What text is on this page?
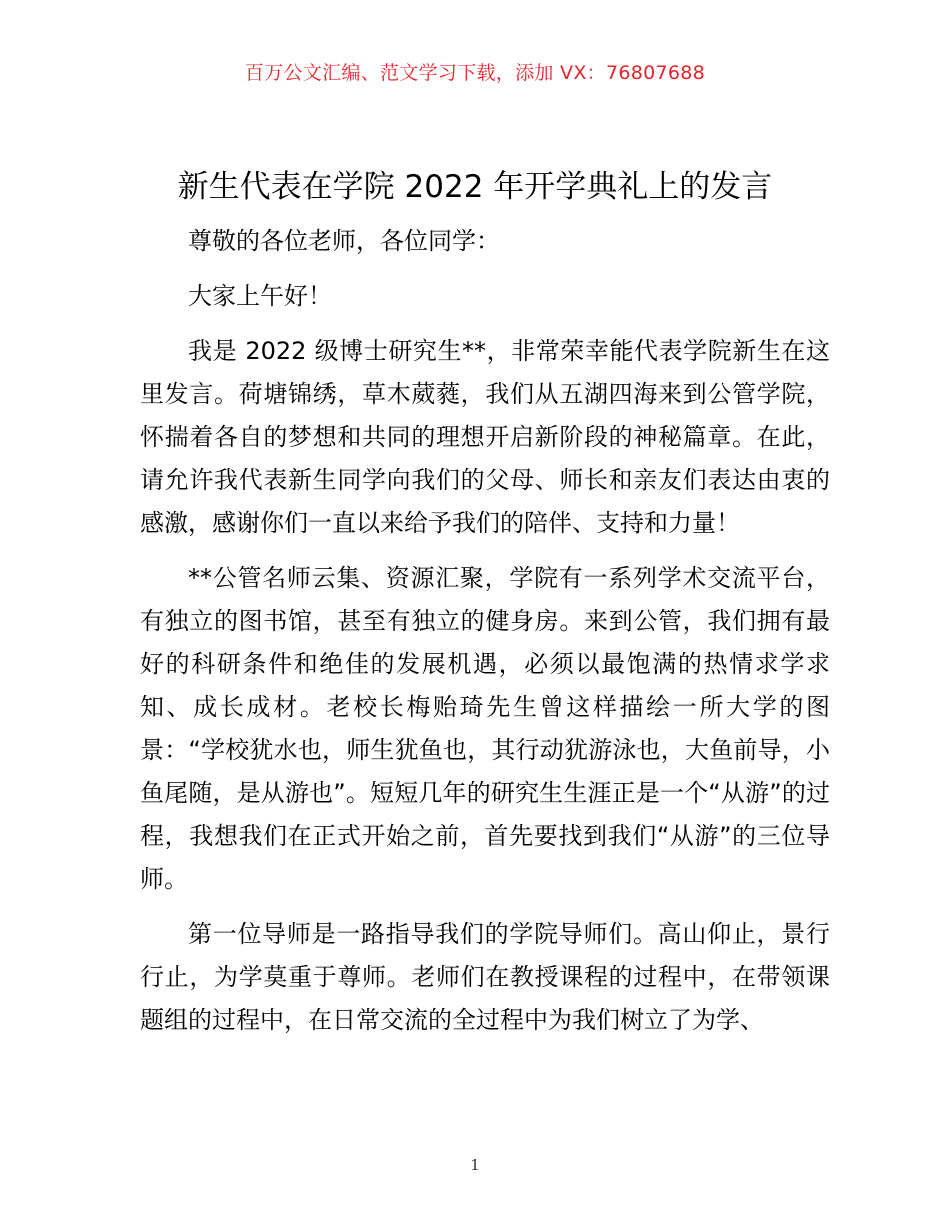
百万公文汇编、范文学习下载，添加 VX：76807688
新生代表在学院 2022 年开学典礼上的发言

尊敬的各位老师，各位同学：

大家上午好！

我是 2022 级博士研究生**，非常荣幸能代表学院新生在这里发言。荷塘锦绣，草木葳蕤，我们从五湖四海来到公管学院，怀揣着各自的梦想和共同的理想开启新阶段的神秘篇章。在此，请允许我代表新生同学向我们的父母、师长和亲友们表达由衷的感激，感谢你们一直以来给予我们的陪伴、支持和力量！

**公管名师云集、资源汇聚，学院有一系列学术交流平台，有独立的图书馆，甚至有独立的健身房。来到公管，我们拥有最好的科研条件和绝佳的发展机遇，必须以最饱满的热情求学求知、成长成材。老校长梅贻琦先生曾这样描绘一所大学的图景：“学校犹水也，师生犹鱼也，其行动犹游泳也，大鱼前导，小鱼尾随，是从游也”。短短几年的研究生生涯正是一个“从游”的过程，我想我们在正式开始之前，首先要找到我们“从游”的三位导师。

第一位导师是一路指导我们的学院导师们。高山仰止，景行行止，为学莫重于尊师。老师们在教授课程的过程中，在带领课题组的过程中，在日常交流的全过程中为我们树立了为学、

1
